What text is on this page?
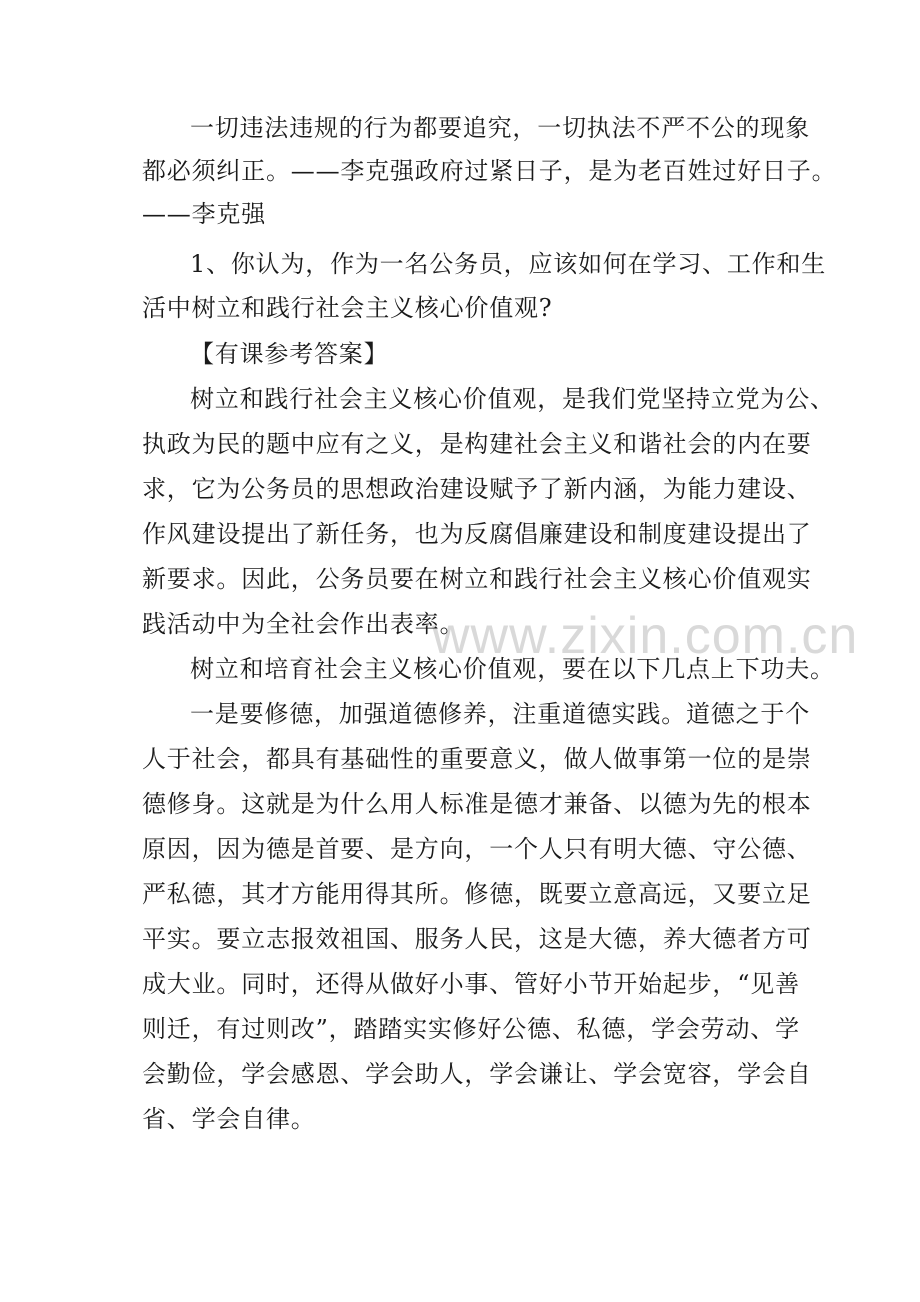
www.zixin.com.cn
一切违法违规的行为都要追究，一切执法不严不公的现象
都必须纠正。——李克强政府过紧日子，是为老百姓过好日子。
——李克强
1、你认为，作为一名公务员，应该如何在学习、工作和生
活中树立和践行社会主义核心价值观?
【有课参考答案】
树立和践行社会主义核心价值观，是我们党坚持立党为公、
执政为民的题中应有之义，是构建社会主义和谐社会的内在要
求，它为公务员的思想政治建设赋予了新内涵，为能力建设、
作风建设提出了新任务，也为反腐倡廉建设和制度建设提出了
新要求。因此，公务员要在树立和践行社会主义核心价值观实
践活动中为全社会作出表率。
树立和培育社会主义核心价值观，要在以下几点上下功夫。
一是要修德，加强道德修养，注重道德实践。道德之于个
人于社会，都具有基础性的重要意义，做人做事第一位的是崇
德修身。这就是为什么用人标准是德才兼备、以德为先的根本
原因，因为德是首要、是方向，一个人只有明大德、守公德、
严私德，其才方能用得其所。修德，既要立意高远，又要立足
平实。要立志报效祖国、服务人民，这是大德，养大德者方可
成大业。同时，还得从做好小事、管好小节开始起步，“见善
则迁，有过则改”，踏踏实实修好公德、私德，学会劳动、学
会勤俭，学会感恩、学会助人，学会谦让、学会宽容，学会自
省、学会自律。
